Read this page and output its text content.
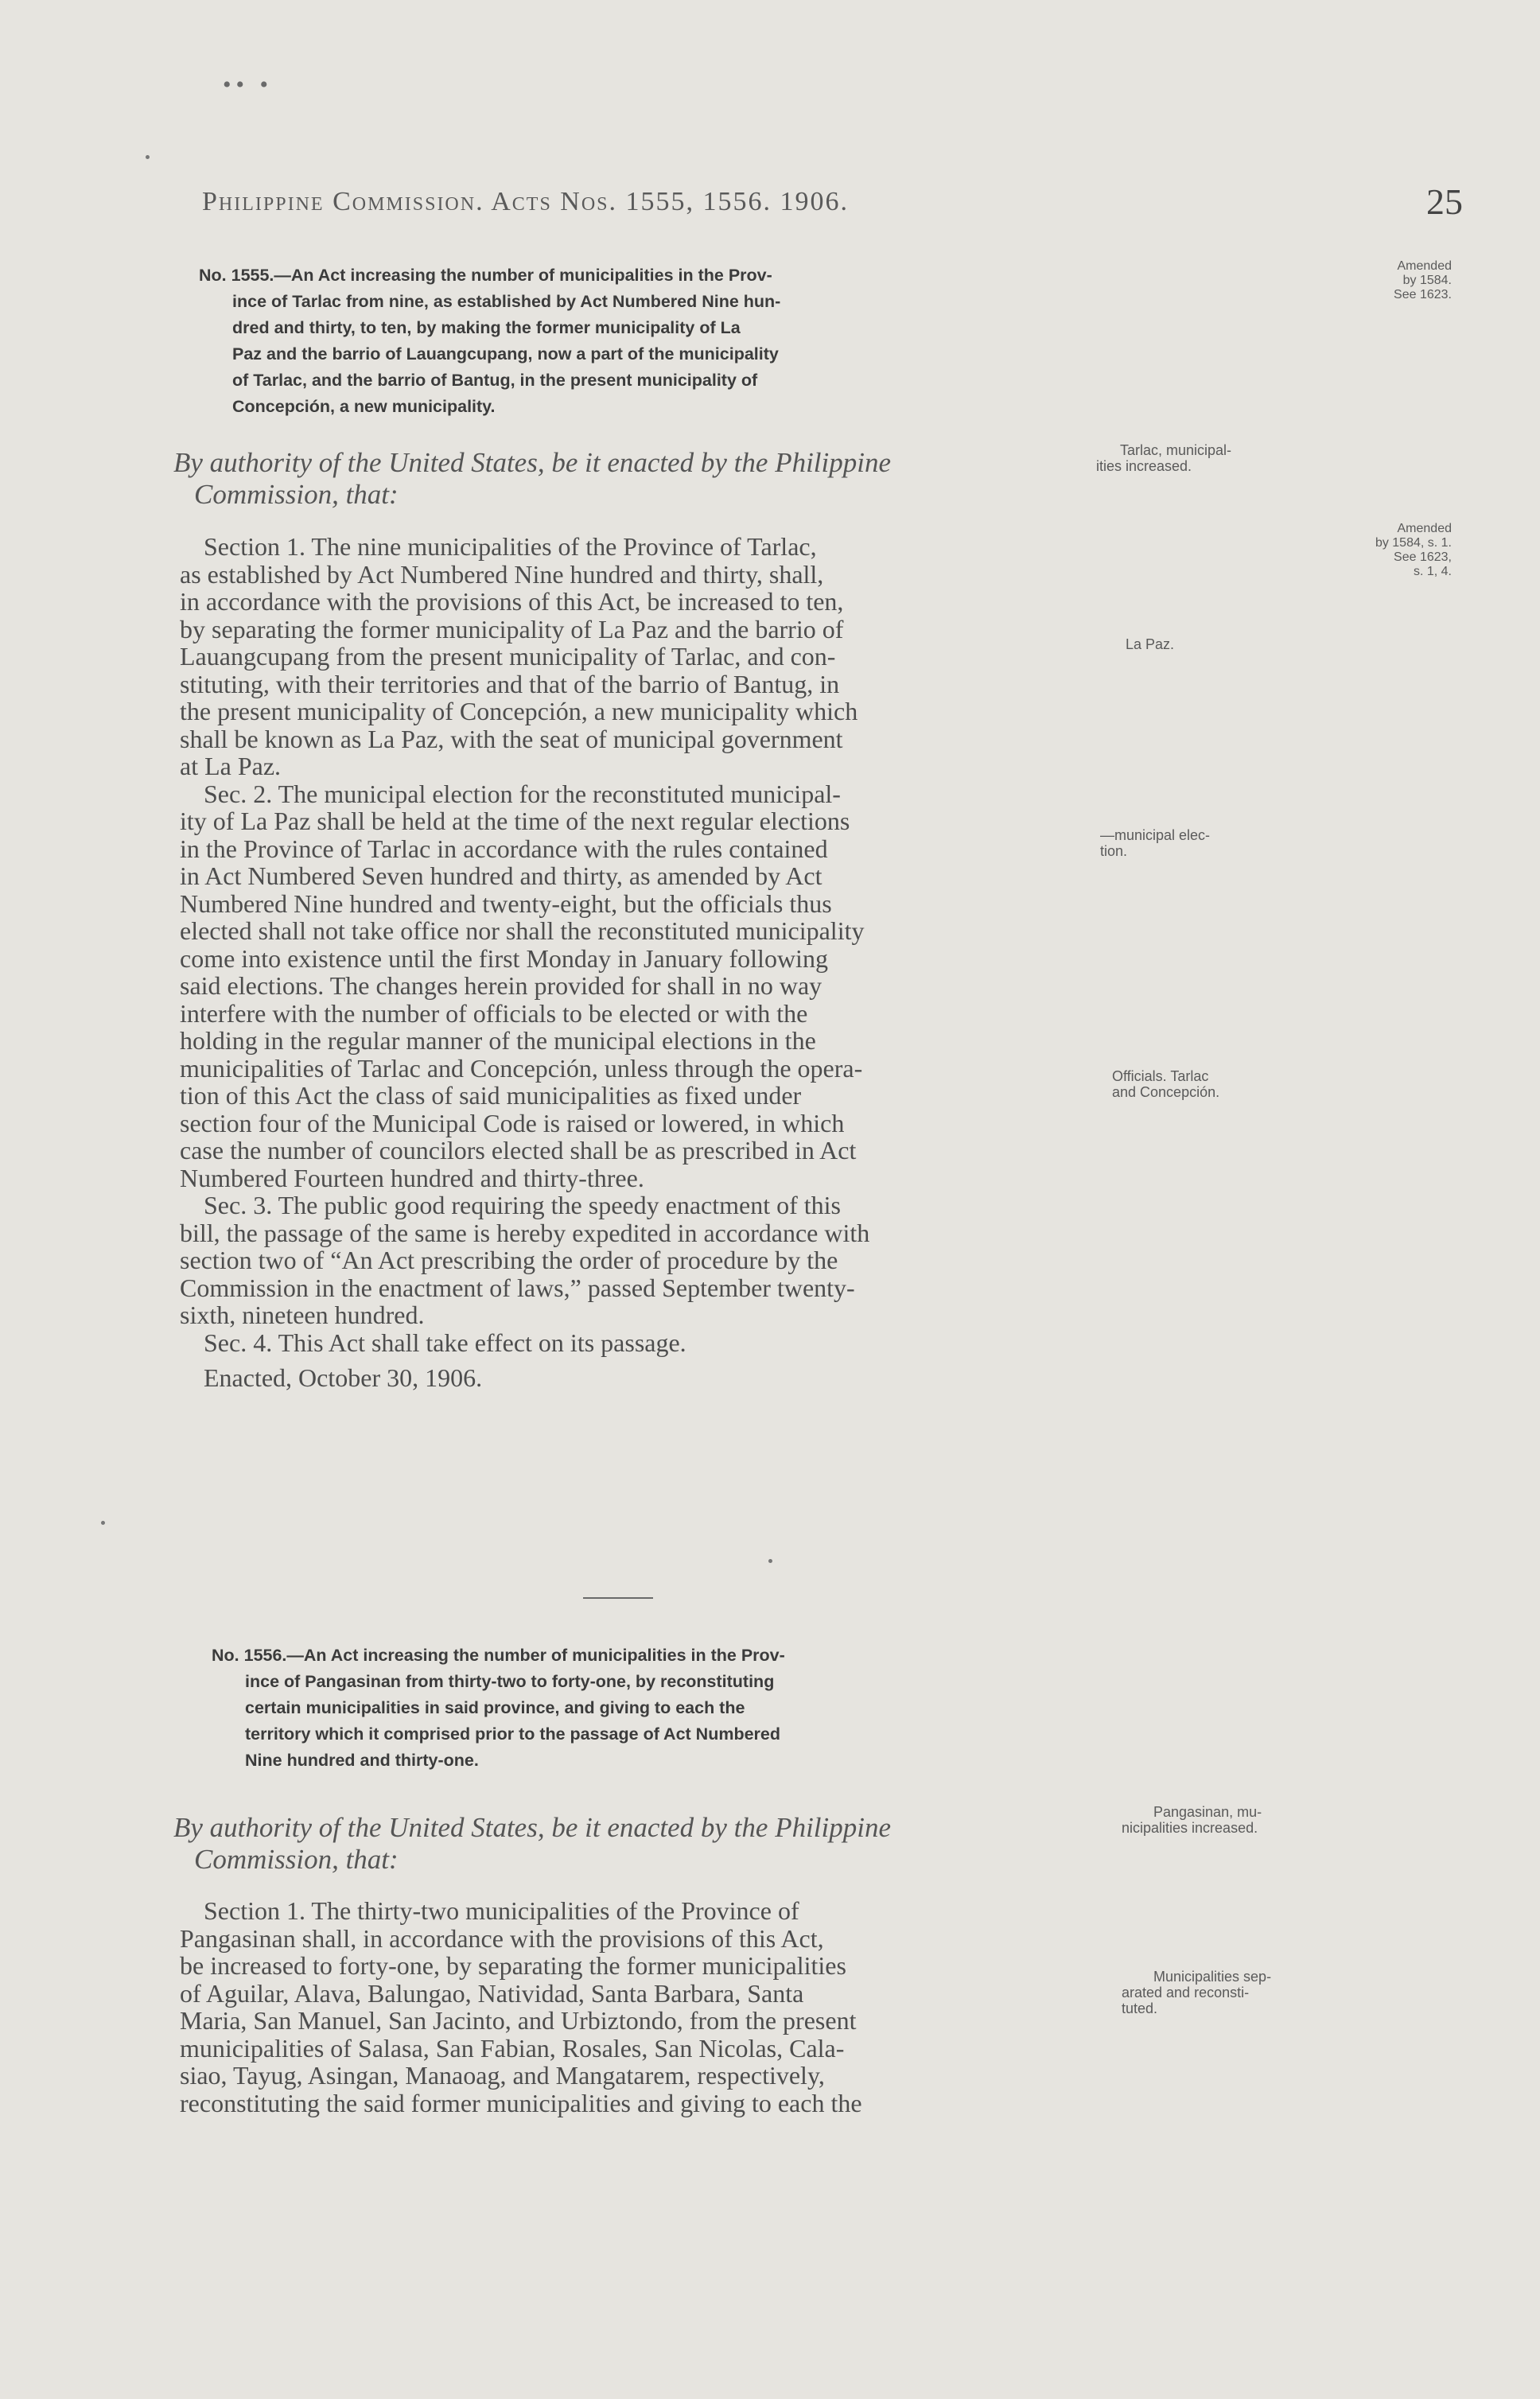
•• •
Philippine Commission. Acts Nos. 1555, 1556. 1906.	25
No. 1555.—An Act increasing the number of municipalities in the Prov-
ince of Tarlac from nine, as established by Act Numbered Nine hun-
dred and thirty, to ten, by making the former municipality of La
Paz and the barrio of Lauangcupang, now a part of the municipality
of Tarlac, and the barrio of Bantug, in the present municipality of
Concepción, a new municipality.
Amended
by 1584.
See 1623.
By authority of the United States, be it enacted by the Philippine
Commission, that:
Tarlac, municipal-
ities increased.
Amended
by 1584, s. 1.
See 1623,
s. 1, 4.
Section 1. The nine municipalities of the Province of Tarlac,
as established by Act Numbered Nine hundred and thirty, shall,
in accordance with the provisions of this Act, be increased to ten,
by separating the former municipality of La Paz and the barrio of
Lauangcupang from the present municipality of Tarlac, and con-
stituting, with their territories and that of the barrio of Bantug, in
the present municipality of Concepción, a new municipality which
shall be known as La Paz, with the seat of municipal government
at La Paz.
Sec. 2. The municipal election for the reconstituted municipal-
ity of La Paz shall be held at the time of the next regular elections
in the Province of Tarlac in accordance with the rules contained
in Act Numbered Seven hundred and thirty, as amended by Act
Numbered Nine hundred and twenty-eight, but the officials thus
elected shall not take office nor shall the reconstituted municipality
come into existence until the first Monday in January following
said elections. The changes herein provided for shall in no way
interfere with the number of officials to be elected or with the
holding in the regular manner of the municipal elections in the
municipalities of Tarlac and Concepción, unless through the opera-
tion of this Act the class of said municipalities as fixed under
section four of the Municipal Code is raised or lowered, in which
case the number of councilors elected shall be as prescribed in Act
Numbered Fourteen hundred and thirty-three.
Sec. 3. The public good requiring the speedy enactment of this
bill, the passage of the same is hereby expedited in accordance with
section two of “An Act prescribing the order of procedure by the
Commission in the enactment of laws,” passed September twenty-
sixth, nineteen hundred.
Sec. 4. This Act shall take effect on its passage.
Enacted, October 30, 1906.
La Paz.
—municipal elec-
tion.
Officials. Tarlac
and Concepción.
No. 1556.—An Act increasing the number of municipalities in the Prov-
ince of Pangasinan from thirty-two to forty-one, by reconstituting
certain municipalities in said province, and giving to each the
territory which it comprised prior to the passage of Act Numbered
Nine hundred and thirty-one.
By authority of the United States, be it enacted by the Philippine
Commission, that:
Pangasinan, mu-
nicipalities increased.
Section 1. The thirty-two municipalities of the Province of
Pangasinan shall, in accordance with the provisions of this Act,
be increased to forty-one, by separating the former municipalities
of Aguilar, Alava, Balungao, Natividad, Santa Barbara, Santa
Maria, San Manuel, San Jacinto, and Urbiztondo, from the present
municipalities of Salasa, San Fabian, Rosales, San Nicolas, Cala-
siao, Tayug, Asingan, Manaoag, and Mangatarem, respectively,
reconstituting the said former municipalities and giving to each the
Municipalities sep-
arated and reconsti-
tuted.
